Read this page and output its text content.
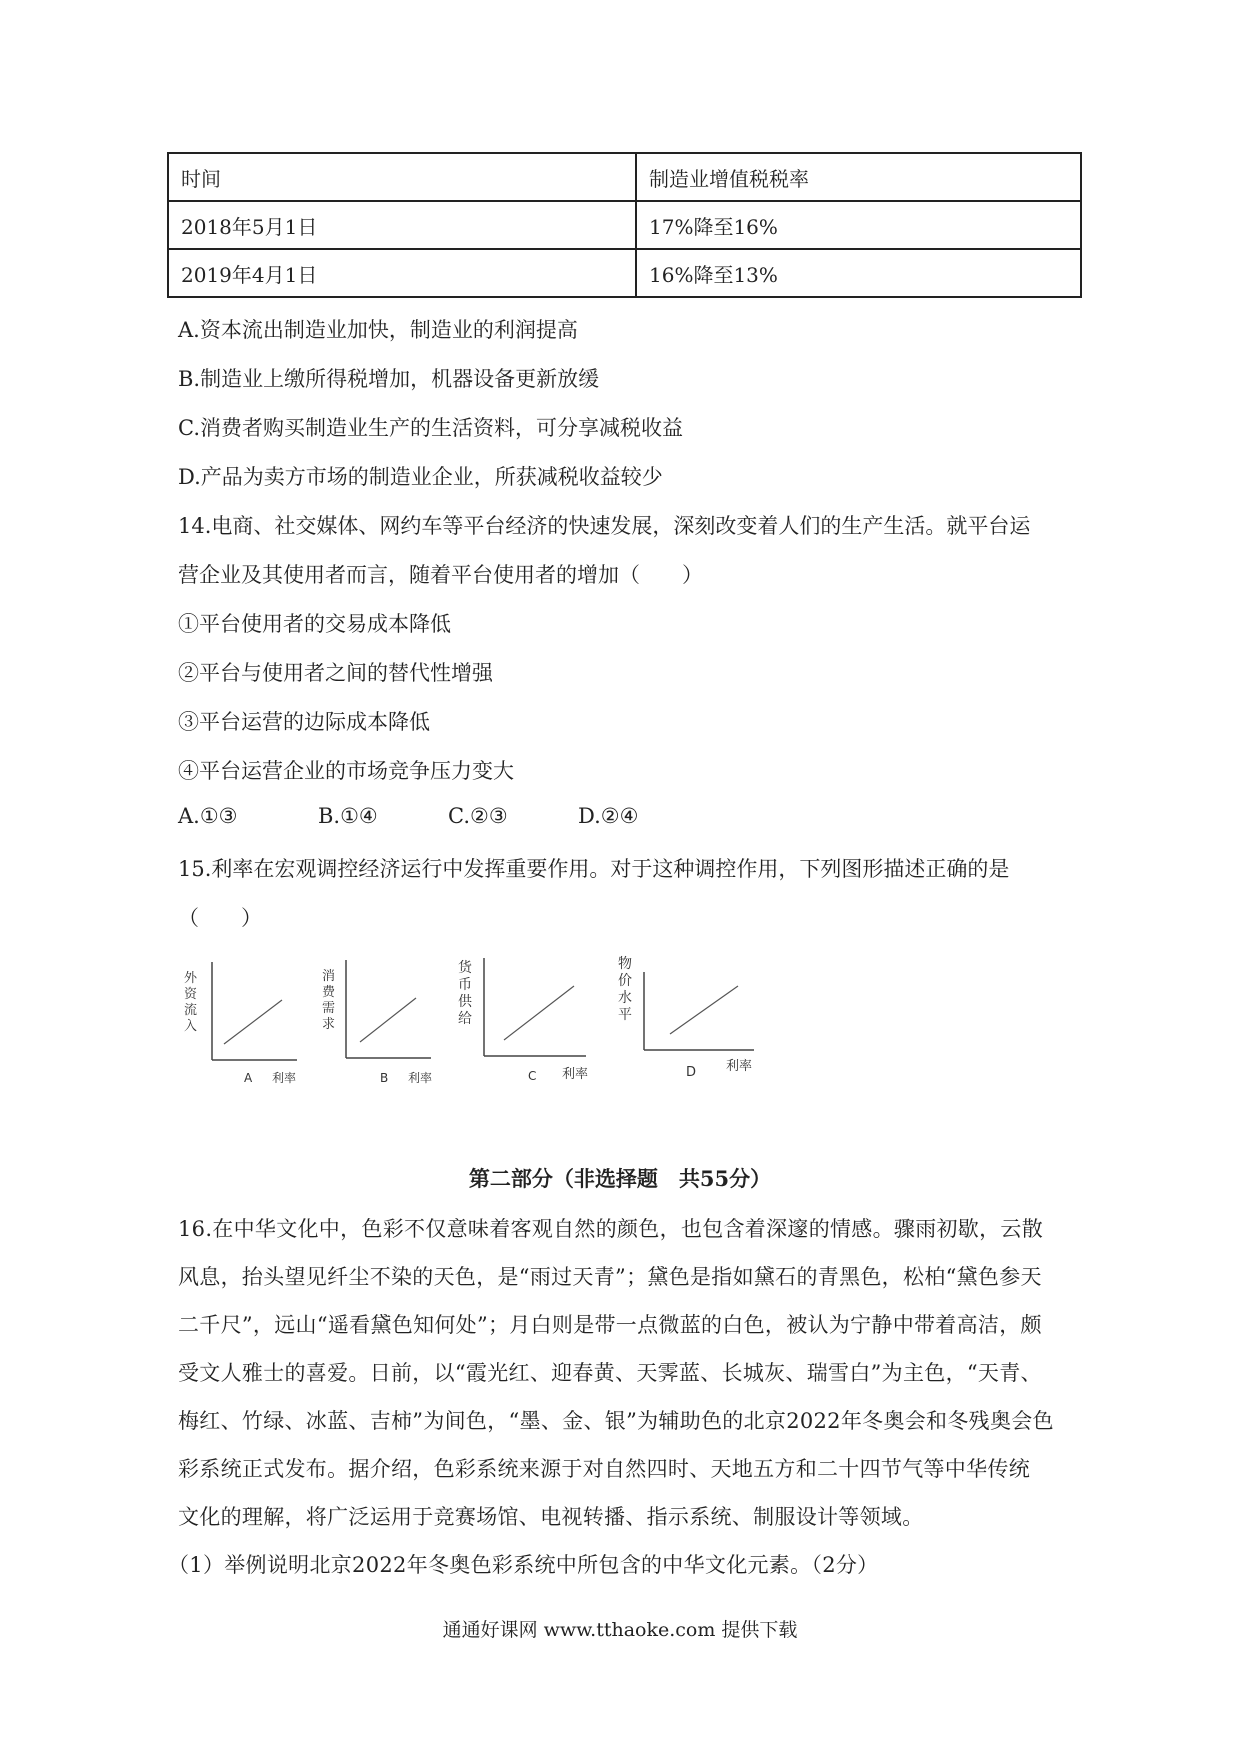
时间	制造业增值税税率
2018年5月1日	17%降至16%
2019年4月1日	16%降至13%
A.资本流出制造业加快，制造业的利润提高
B.制造业上缴所得税增加，机器设备更新放缓
C.消费者购买制造业生产的生活资料，可分享减税收益
D.产品为卖方市场的制造业企业，所获减税收益较少
14.电商、社交媒体、网约车等平台经济的快速发展，深刻改变着人们的生产生活。就平台运
营企业及其使用者而言，随着平台使用者的增加（　　）
①平台使用者的交易成本降低
②平台与使用者之间的替代性增强
③平台运营的边际成本降低
④平台运营企业的市场竞争压力变大
A.①③	B.①④	C.②③	D.②④
15.利率在宏观调控经济运行中发挥重要作用。对于这种调控作用，下列图形描述正确的是
（　　）
外
资
流
入
A 利率
消
费
需
求
B 利率
货
币
供
给
C 利率
物
价
水
平
D 利率
第二部分（非选择题　共55分）
16.在中华文化中，色彩不仅意味着客观自然的颜色，也包含着深邃的情感。骤雨初歇，云散
风息，抬头望见纤尘不染的天色，是“雨过天青”；黛色是指如黛石的青黑色，松柏“黛色参天
二千尺”，远山“遥看黛色知何处”；月白则是带一点微蓝的白色，被认为宁静中带着高洁，颇
受文人雅士的喜爱。日前，以“霞光红、迎春黄、天霁蓝、长城灰、瑞雪白”为主色，“天青、
梅红、竹绿、冰蓝、吉柿”为间色，“墨、金、银”为辅助色的北京2022年冬奥会和冬残奥会色
彩系统正式发布。据介绍，色彩系统来源于对自然四时、天地五方和二十四节气等中华传统
文化的理解，将广泛运用于竞赛场馆、电视转播、指示系统、制服设计等领域。
（1）举例说明北京2022年冬奥色彩系统中所包含的中华文化元素。（2分）
通通好课网 www.tthaoke.com 提供下载
